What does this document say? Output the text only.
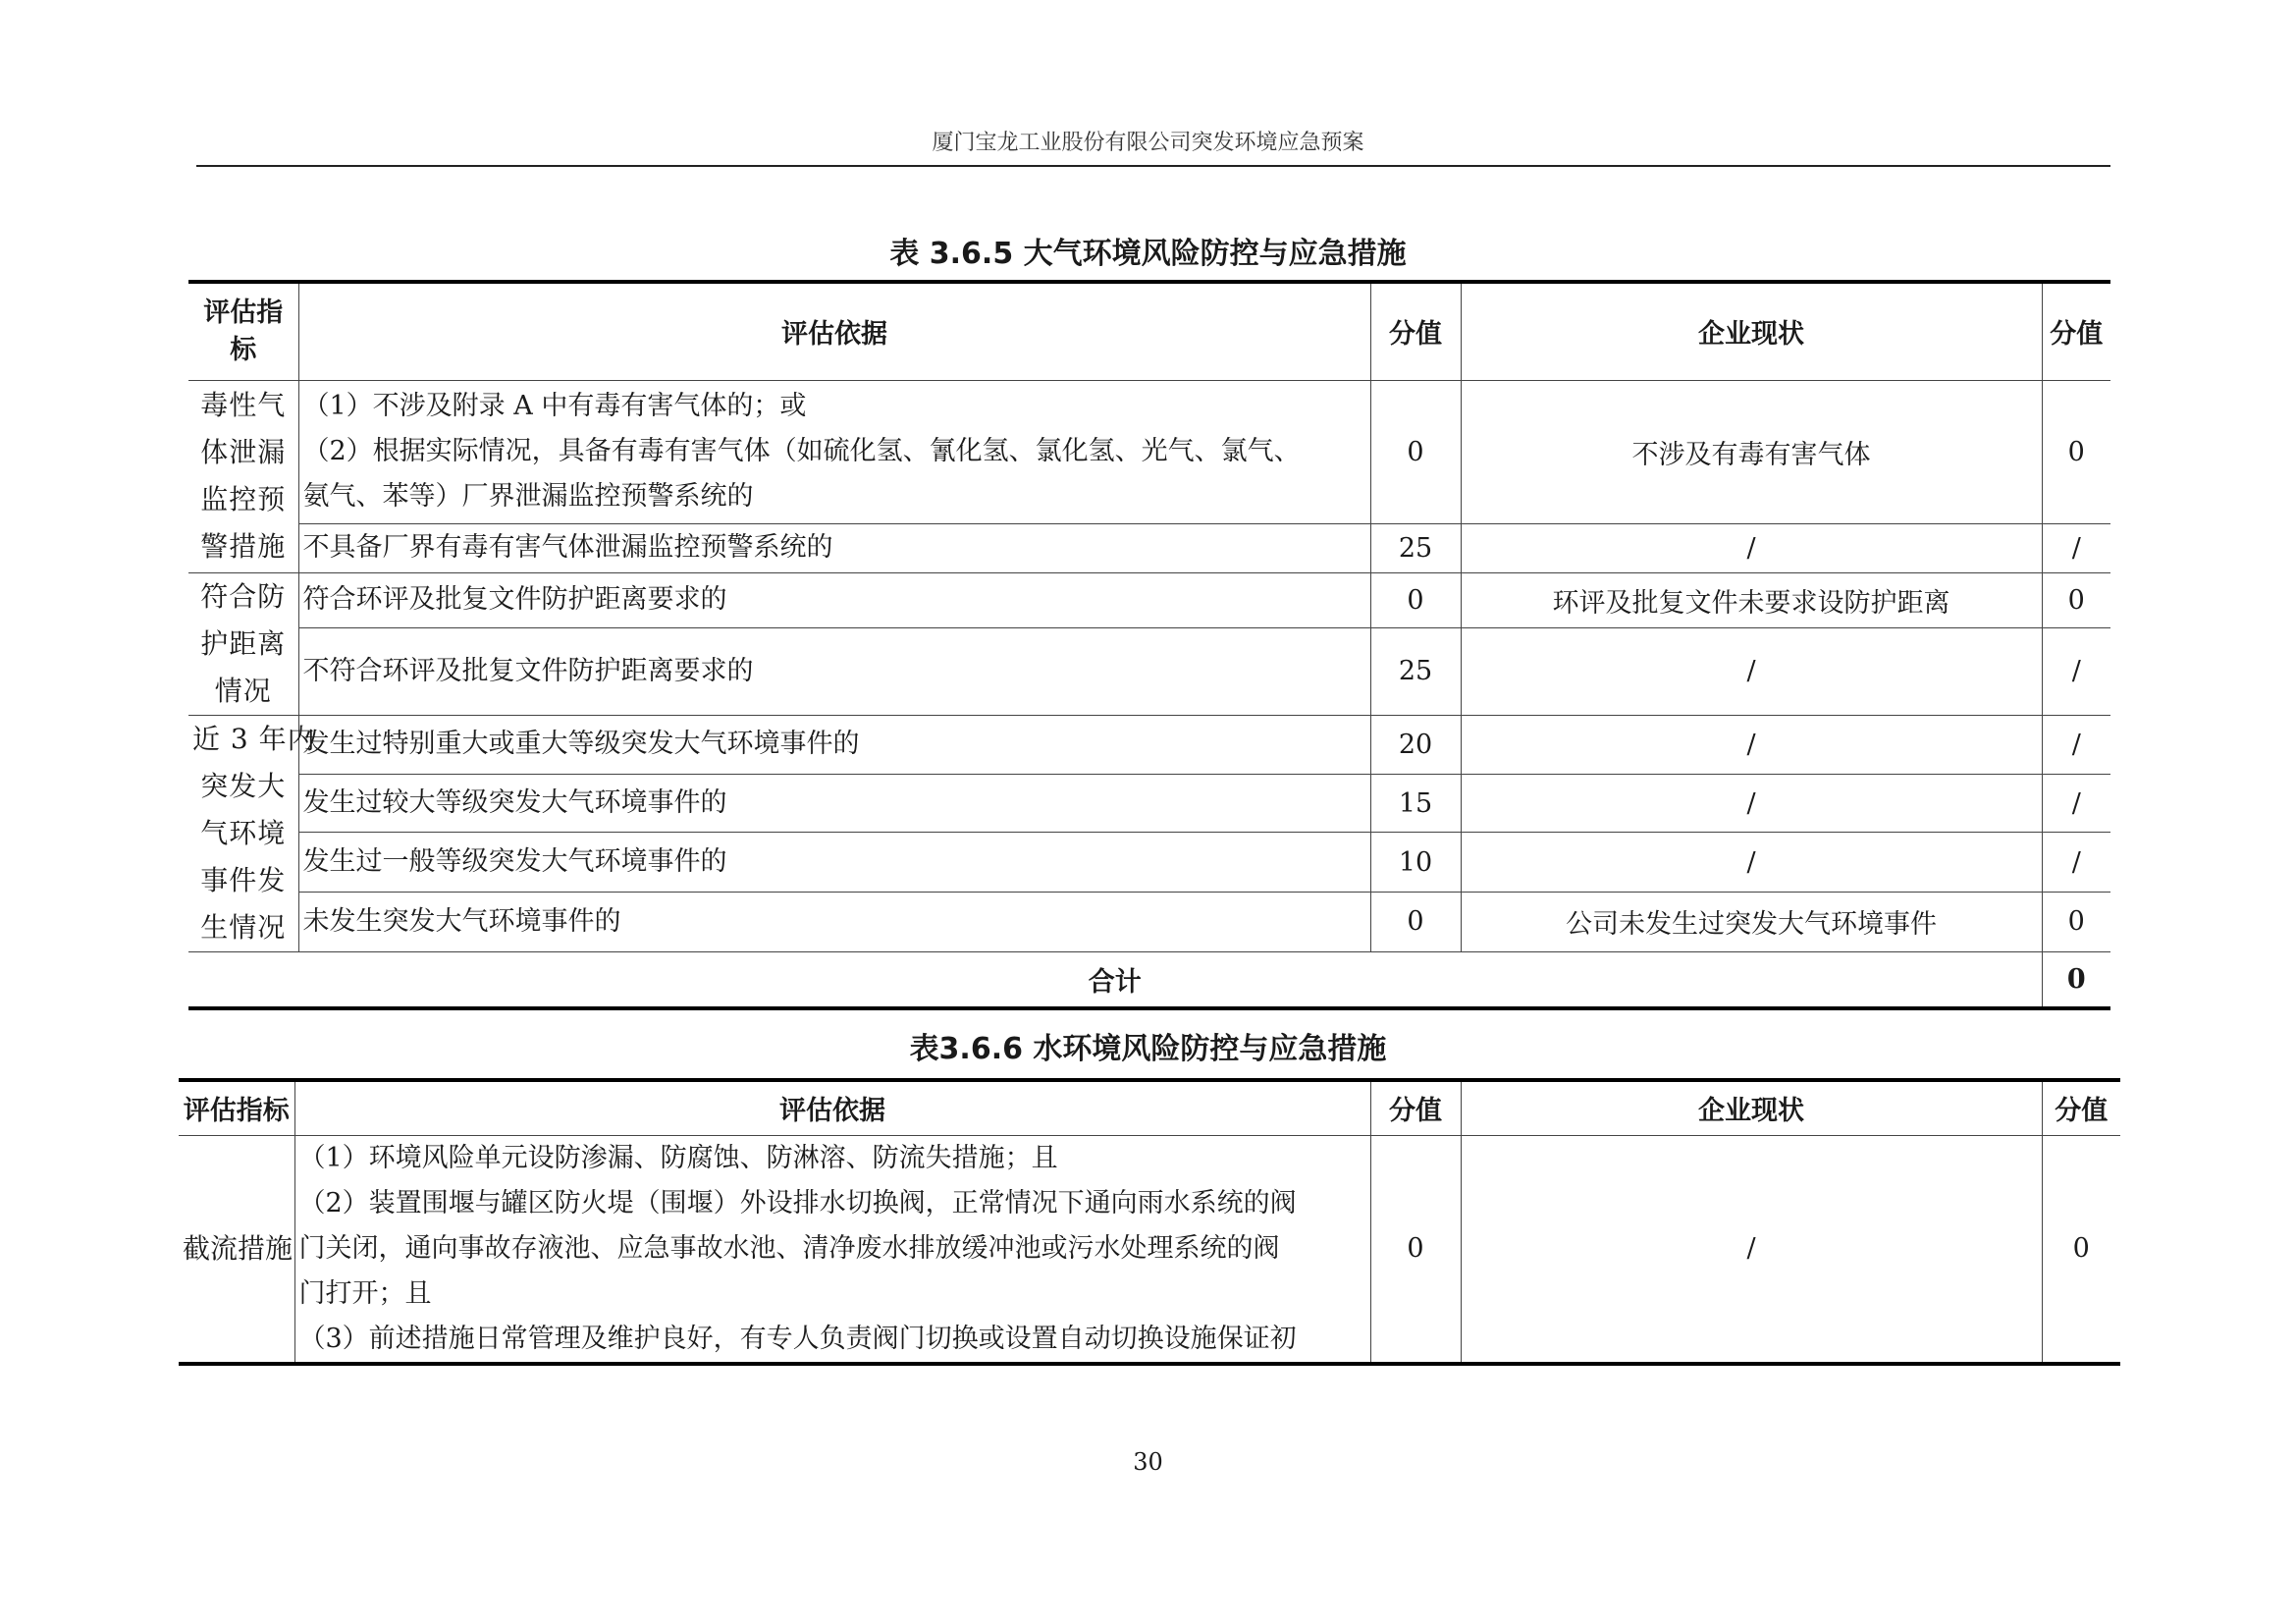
厦门宝龙工业股份有限公司突发环境应急预案
表 3.6.5 大气环境风险防控与应急措施
评估指标	评估依据	分值	企业现状	分值

毒性气
体泄漏
监控预
警措施	（1）不涉及附录 A 中有毒有害气体的；或
（2）根据实际情况，具备有毒有害气体（如硫化氢、氰化氢、氯化氢、光气、氯气、
氨气、苯等）厂界泄漏监控预警系统的	0	不涉及有毒有害气体	0

	不具备厂界有毒有害气体泄漏监控预警系统的	25	/	/

符合防
护距离
情况	符合环评及批复文件防护距离要求的	0	环评及批复文件未要求设防护距离	0

	不符合环评及批复文件防护距离要求的	25	/	/

近 3 年内
突发大
气环境
事件发
生情况	发生过特别重大或重大等级突发大气环境事件的	20	/	/

	发生过较大等级突发大气环境事件的	15	/	/

	发生过一般等级突发大气环境事件的	10	/	/

	未发生突发大气环境事件的	0	公司未发生过突发大气环境事件	0
合计				0
表3.6.6 水环境风险防控与应急措施
评估指标	评估依据	分值	企业现状	分值
截流措施	（1）环境风险单元设防渗漏、防腐蚀、防淋溶、防流失措施；且
（2）装置围堰与罐区防火堤（围堰）外设排水切换阀，正常情况下通向雨水系统的阀
门关闭，通向事故存液池、应急事故水池、清净废水排放缓冲池或污水处理系统的阀
门打开；且
（3）前述措施日常管理及维护良好，有专人负责阀门切换或设置自动切换设施保证初	0	/	0
30
